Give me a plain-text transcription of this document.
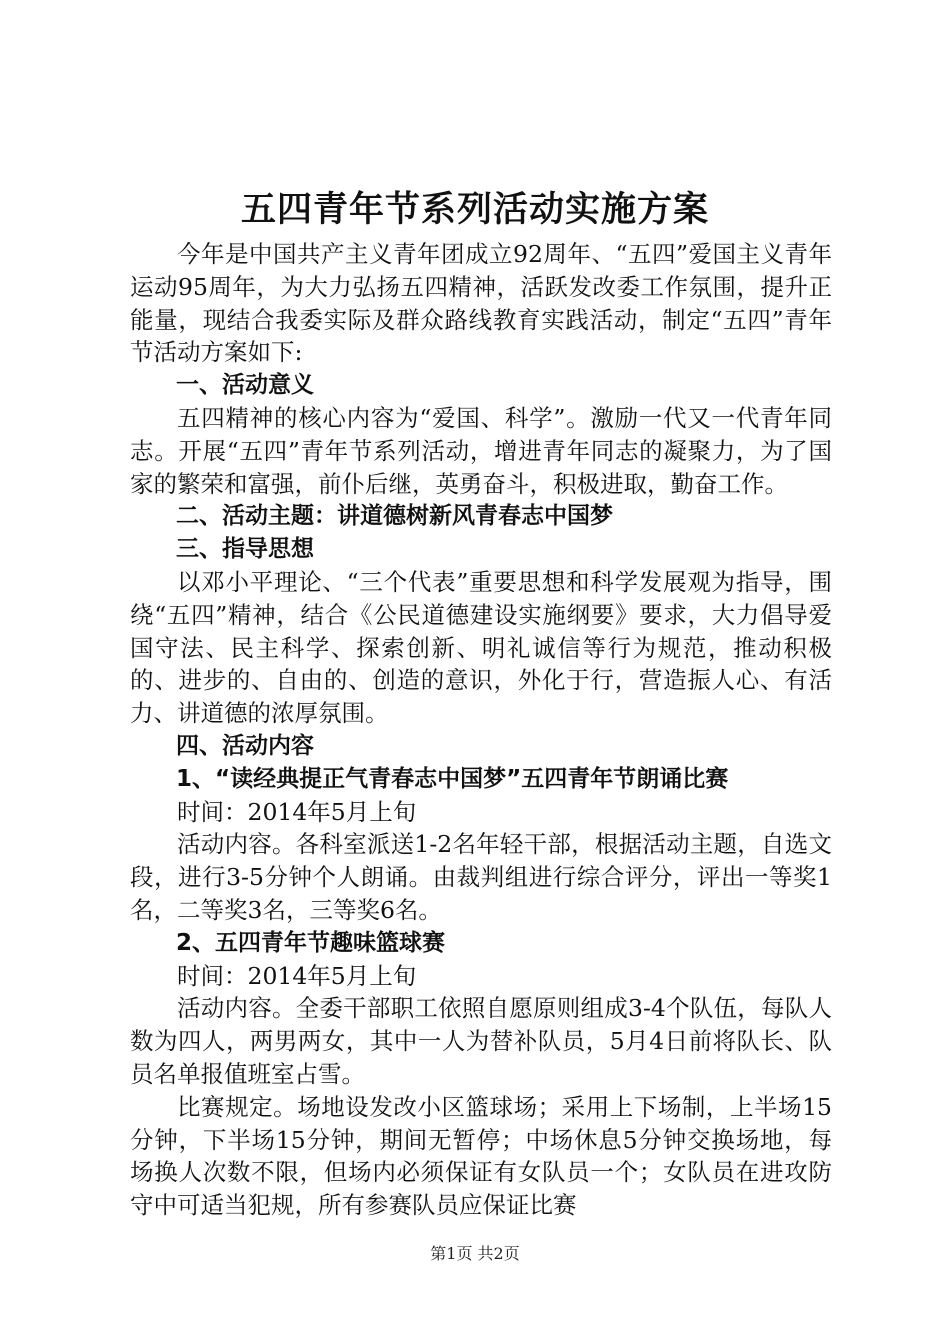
五四青年节系列活动实施方案

今年是中国共产主义青年团成立92周年、“五四”爱国主义青年运动95周年，为大力弘扬五四精神，活跃发改委工作氛围，提升正能量，现结合我委实际及群众路线教育实践活动，制定“五四”青年节活动方案如下:

一、活动意义

五四精神的核心内容为“爱国、科学”。激励一代又一代青年同志。开展“五四”青年节系列活动，增进青年同志的凝聚力，为了国家的繁荣和富强，前仆后继，英勇奋斗，积极进取，勤奋工作。

二、活动主题：讲道德树新风青春志中国梦

三、指导思想

以邓小平理论、“三个代表”重要思想和科学发展观为指导，围绕“五四”精神，结合《公民道德建设实施纲要》要求，大力倡导爱国守法、民主科学、探索创新、明礼诚信等行为规范，推动积极的、进步的、自由的、创造的意识，外化于行，营造振人心、有活力、讲道德的浓厚氛围。

四、活动内容

1、“读经典提正气青春志中国梦”五四青年节朗诵比赛

时间：2014年5月上旬

活动内容。各科室派送1-2名年轻干部，根据活动主题，自选文段，进行3-5分钟个人朗诵。由裁判组进行综合评分，评出一等奖1名，二等奖3名，三等奖6名。

2、五四青年节趣味篮球赛

时间：2014年5月上旬

活动内容。全委干部职工依照自愿原则组成3-4个队伍，每队人数为四人，两男两女，其中一人为替补队员，5月4日前将队长、队员名单报值班室占雪。

比赛规定。场地设发改小区篮球场；采用上下场制，上半场15分钟，下半场15分钟，期间无暂停；中场休息5分钟交换场地，每场换人次数不限，但场内必须保证有女队员一个；女队员在进攻防守中可适当犯规，所有参赛队员应保证比赛

第1页 共2页
